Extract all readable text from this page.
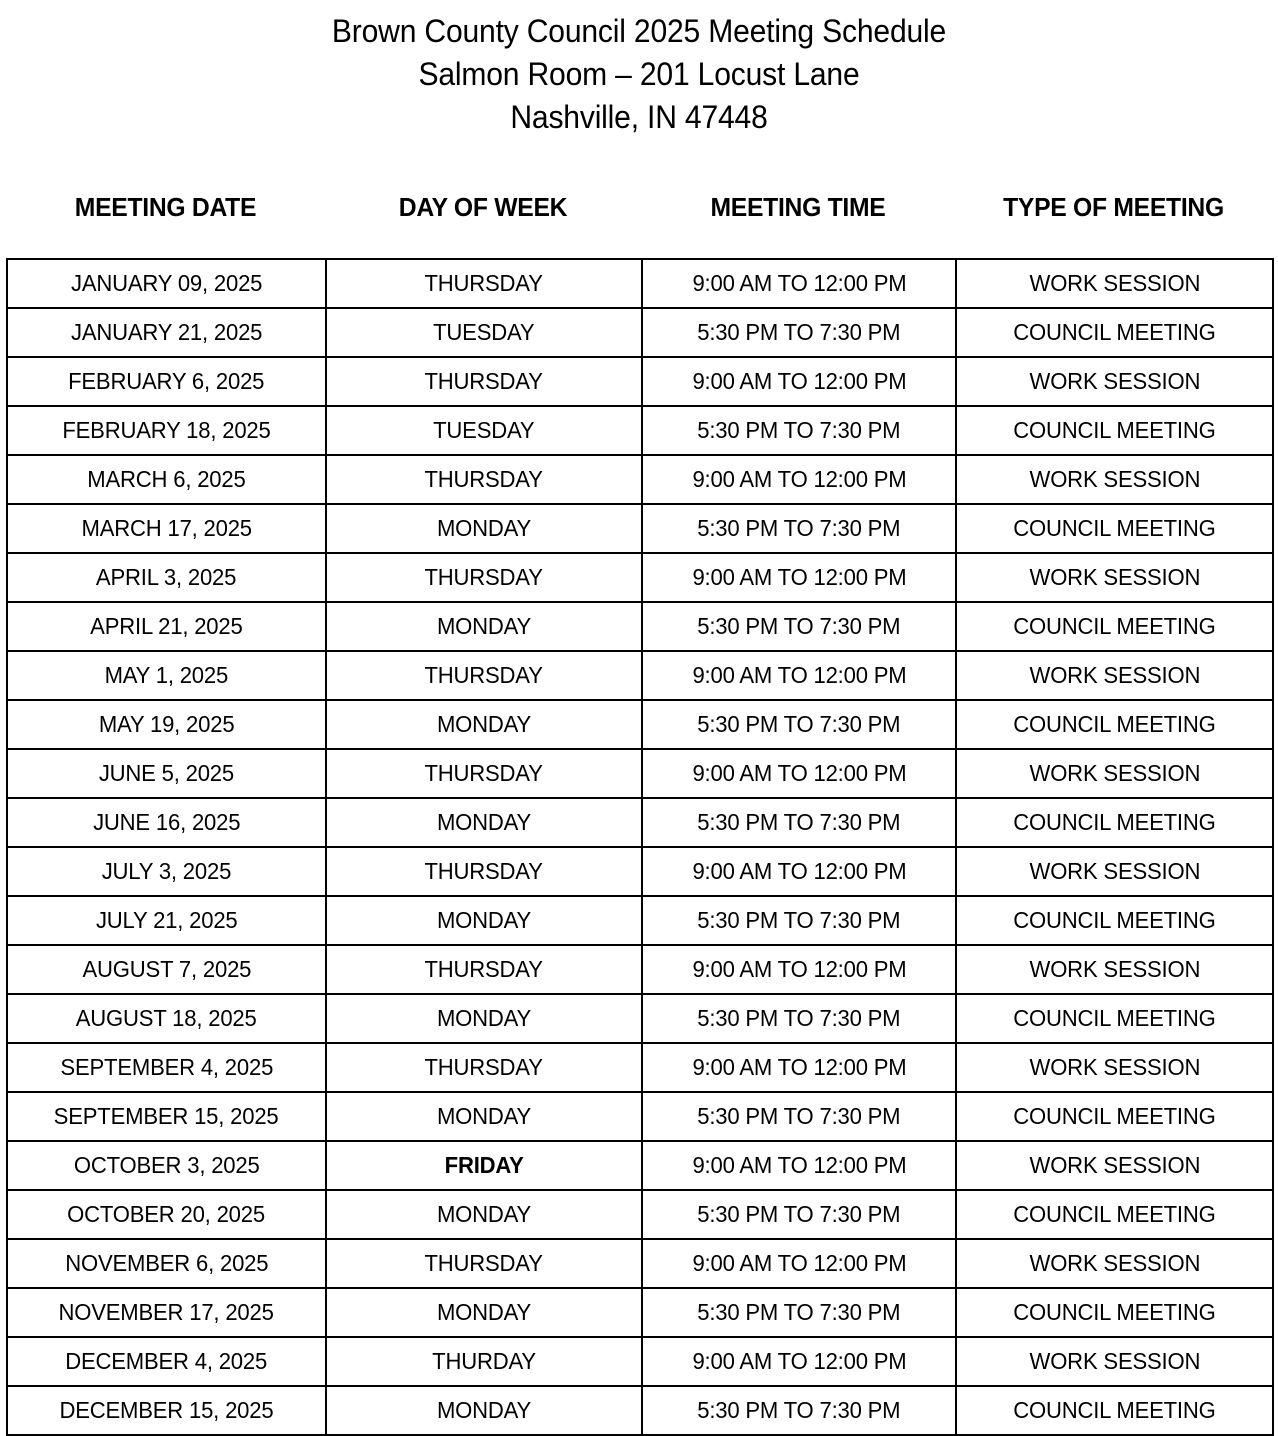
Brown County Council 2025 Meeting Schedule
Salmon Room – 201 Locust Lane
Nashville, IN 47448
MEETING DATE	DAY OF WEEK	MEETING TIME	TYPE OF MEETING
JANUARY 09, 2025	THURSDAY	9:00 AM TO 12:00 PM	WORK SESSION
JANUARY 21, 2025	TUESDAY	5:30 PM TO 7:30 PM	COUNCIL MEETING
FEBRUARY 6, 2025	THURSDAY	9:00 AM TO 12:00 PM	WORK SESSION
FEBRUARY 18, 2025	TUESDAY	5:30 PM TO 7:30 PM	COUNCIL MEETING
MARCH 6, 2025	THURSDAY	9:00 AM TO 12:00 PM	WORK SESSION
MARCH 17, 2025	MONDAY	5:30 PM TO 7:30 PM	COUNCIL MEETING
APRIL 3, 2025	THURSDAY	9:00 AM TO 12:00 PM	WORK SESSION
APRIL 21, 2025	MONDAY	5:30 PM TO 7:30 PM	COUNCIL MEETING
MAY 1, 2025	THURSDAY	9:00 AM TO 12:00 PM	WORK SESSION
MAY 19, 2025	MONDAY	5:30 PM TO 7:30 PM	COUNCIL MEETING
JUNE 5, 2025	THURSDAY	9:00 AM TO 12:00 PM	WORK SESSION
JUNE 16, 2025	MONDAY	5:30 PM TO 7:30 PM	COUNCIL MEETING
JULY 3, 2025	THURSDAY	9:00 AM TO 12:00 PM	WORK SESSION
JULY 21, 2025	MONDAY	5:30 PM TO 7:30 PM	COUNCIL MEETING
AUGUST 7, 2025	THURSDAY	9:00 AM TO 12:00 PM	WORK SESSION
AUGUST 18, 2025	MONDAY	5:30 PM TO 7:30 PM	COUNCIL MEETING
SEPTEMBER 4, 2025	THURSDAY	9:00 AM TO 12:00 PM	WORK SESSION
SEPTEMBER 15, 2025	MONDAY	5:30 PM TO 7:30 PM	COUNCIL MEETING
OCTOBER 3, 2025	FRIDAY	9:00 AM TO 12:00 PM	WORK SESSION
OCTOBER 20, 2025	MONDAY	5:30 PM TO 7:30 PM	COUNCIL MEETING
NOVEMBER 6, 2025	THURSDAY	9:00 AM TO 12:00 PM	WORK SESSION
NOVEMBER 17, 2025	MONDAY	5:30 PM TO 7:30 PM	COUNCIL MEETING
DECEMBER 4, 2025	THURDAY	9:00 AM TO 12:00 PM	WORK SESSION
DECEMBER 15, 2025	MONDAY	5:30 PM TO 7:30 PM	COUNCIL MEETING
